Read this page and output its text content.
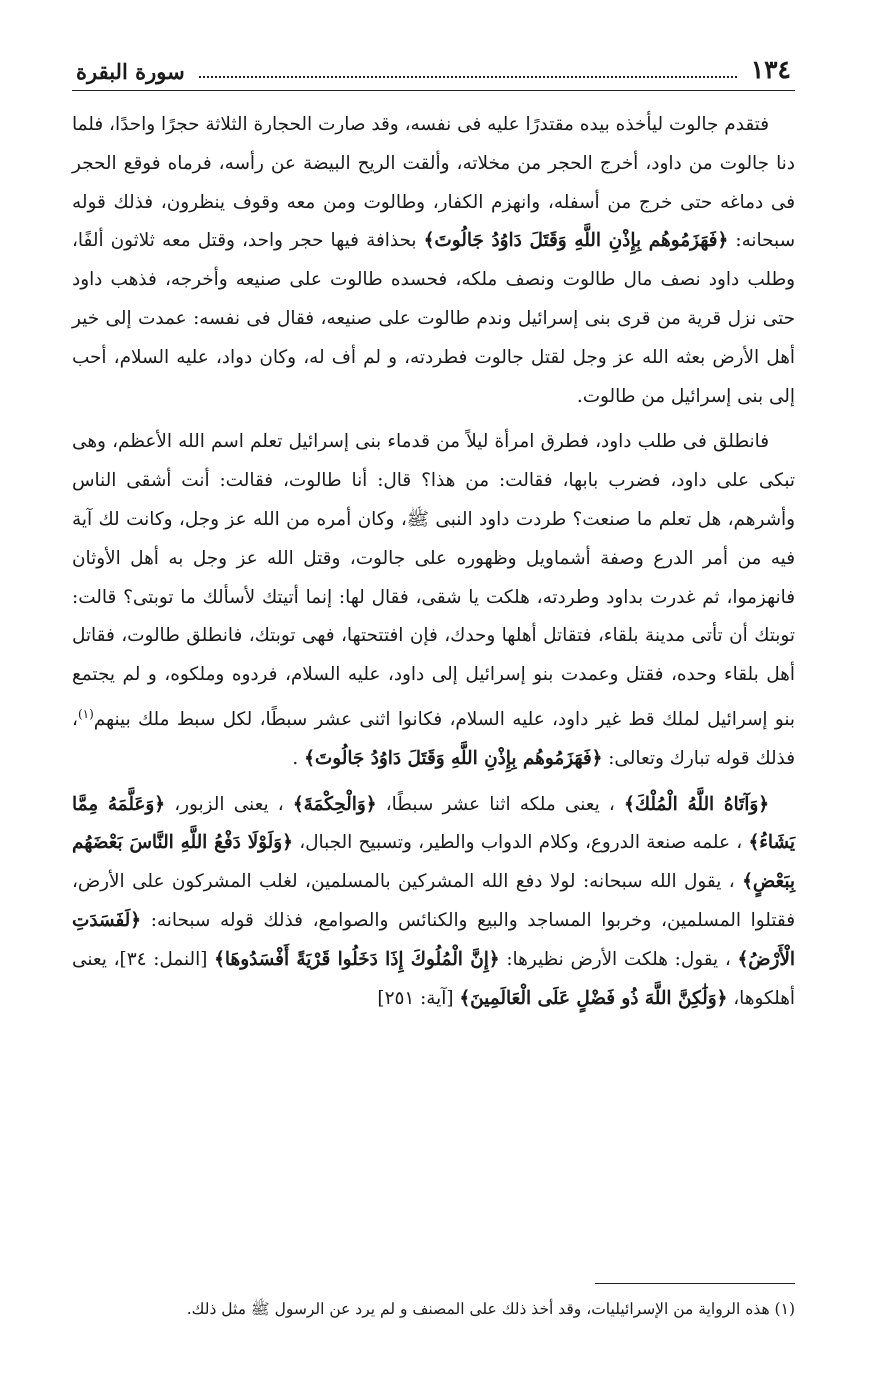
١٣٤
سورة البقرة

فتقدم جالوت ليأخذه بيده مقتدرًا عليه فى نفسه، وقد صارت الحجارة الثلاثة حجرًا واحدًا، فلما دنا جالوت من داود، أخرج الحجر من مخلاته، وألقت الريح البيضة عن رأسه، فرماه فوقع الحجر فى دماغه حتى خرج من أسفله، وانهزم الكفار، وطالوت ومن معه وقوف ينظرون، فذلك قوله سبحانه: ﴿فَهَزَمُوهُم بِإِذْنِ اللَّهِ وَقَتَلَ دَاوُدُ جَالُوتَ﴾ بحذافة فيها حجر واحد، وقتل معه ثلاثون ألفًا، وطلب داود نصف مال طالوت ونصف ملكه، فحسده طالوت على صنيعه وأخرجه، فذهب داود حتى نزل قرية من قرى بنى إسرائيل وندم طالوت على صنيعه، فقال فى نفسه: عمدت إلى خير أهل الأرض بعثه الله عز وجل لقتل جالوت فطردته، و لم أف له، وكان دواد، عليه السلام، أحب إلى بنى إسرائيل من طالوت.

فانطلق فى طلب داود، فطرق امرأة ليلاً من قدماء بنى إسرائيل تعلم اسم الله الأعظم، وهى تبكى على داود، فضرب بابها، فقالت: من هذا؟ قال: أنا طالوت، فقالت: أنت أشقى الناس وأشرهم، هل تعلم ما صنعت؟ طردت داود النبى ﷺ، وكان أمره من الله عز وجل، وكانت لك آية فيه من أمر الدرع وصفة أشماويل وظهوره على جالوت، وقتل الله عز وجل به أهل الأوثان فانهزموا، ثم غدرت بداود وطردته، هلكت يا شقى، فقال لها: إنما أتيتك لأسألك ما توبتى؟ قالت: توبتك أن تأتى مدينة بلقاء، فتقاتل أهلها وحدك، فإن افتتحتها، فهى توبتك، فانطلق طالوت، فقاتل أهل بلقاء وحده، فقتل وعمدت بنو إسرائيل إلى داود، عليه السلام، فردوه وملكوه، و لم يجتمع بنو إسرائيل لملك قط غير داود، عليه السلام، فكانوا اثنى عشر سبطًا، لكل سبط ملك بينهم$^{(١)}$، فذلك قوله تبارك وتعالى: ﴿فَهَزَمُوهُم بِإِذْنِ اللَّهِ وَقَتَلَ دَاوُدُ جَالُوتَ﴾ .

﴿وَآتَاهُ اللَّهُ الْمُلْكَ﴾ ، يعنى ملكه اثنا عشر سبطًا، ﴿وَالْحِكْمَةَ﴾ ، يعنى الزبور، ﴿وَعَلَّمَهُ مِمَّا يَشَاءُ﴾ ، علمه صنعة الدروع، وكلام الدواب والطير، وتسبيح الجبال، ﴿وَلَوْلَا دَفْعُ اللَّهِ النَّاسَ بَعْضَهُم بِبَعْضٍ﴾ ، يقول الله سبحانه: لولا دفع الله المشركين بالمسلمين، لغلب المشركون على الأرض، فقتلوا المسلمين، وخربوا المساجد والبيع والكنائس والصوامع، فذلك قوله سبحانه: ﴿لَفَسَدَتِ الْأَرْضُ﴾ ، يقول: هلكت الأرض نظيرها: ﴿إِنَّ الْمُلُوكَ إِذَا دَخَلُوا قَرْيَةً أَفْسَدُوهَا﴾ [النمل: ٣٤]، يعنى أهلكوها، ﴿وَلَٰكِنَّ اللَّهَ ذُو فَضْلٍ عَلَى الْعَالَمِينَ﴾ [آية: ٢٥١]

(١) هذه الرواية من الإسرائيليات، وقد أخذ ذلك على المصنف و لم يرد عن الرسول ﷺ مثل ذلك.
